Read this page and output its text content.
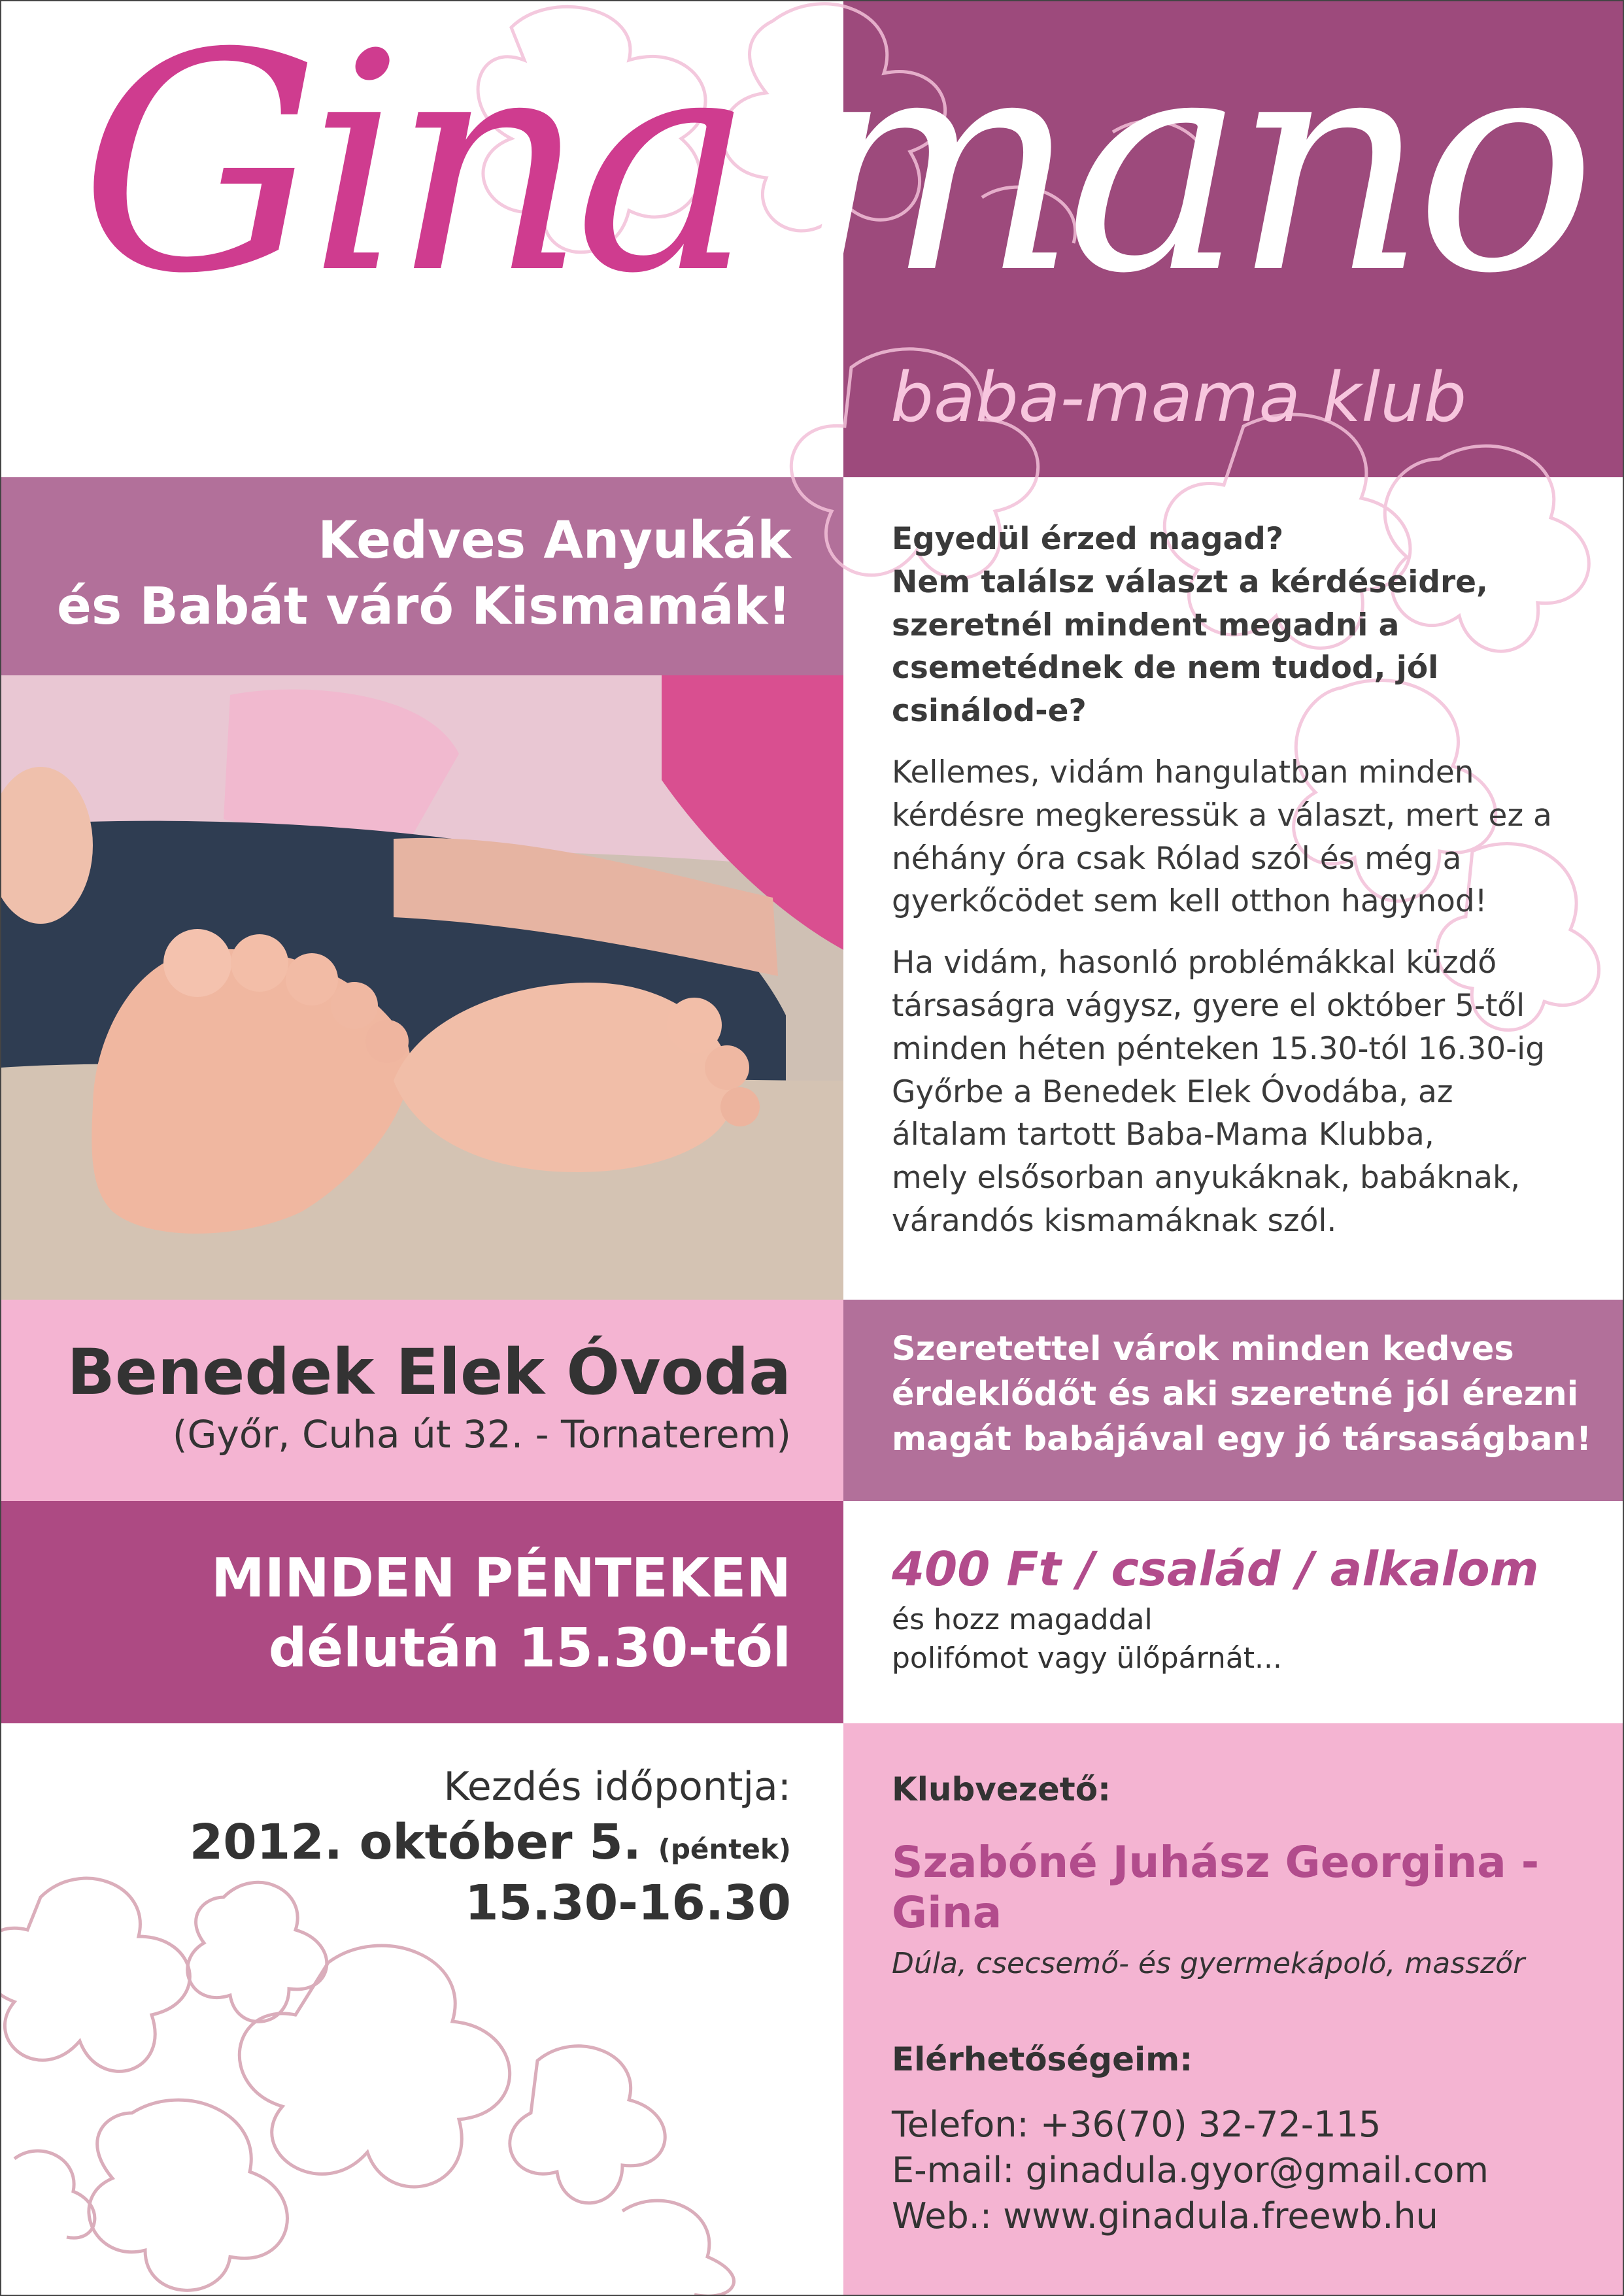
Gina mano
baba-mama klub
Kedves Anyukák
és Babát váró Kismamák!

Egyedül érzed magad?
Nem találsz választ a kérdéseidre,
szeretnél mindent megadni a
csemetédnek de nem tudod, jól
csinálod-e?

Kellemes, vidám hangulatban minden
kérdésre megkeressük a választ, mert ez a
néhány óra csak Rólad szól és még a
gyerkőcödet sem kell otthon hagynod!

Ha vidám, hasonló problémákkal küzdő
társaságra vágysz, gyere el október 5-től
minden héten pénteken 15.30-tól 16.30-ig
Győrbe a Benedek Elek Óvodába, az
általam tartott Baba-Mama Klubba,
mely elsősorban anyukáknak, babáknak,
várandós kismamáknak szól.

Benedek Elek Óvoda
(Győr, Cuha út 32. - Tornaterem)
Szeretettel várok minden kedves
érdeklődőt és aki szeretné jól érezni
magát babájával egy jó társaságban!
MINDEN PÉNTEKEN
délután 15.30-tól
400 Ft / család / alkalom
és hozz magaddal
polifómot vagy ülőpárnát...
Kezdés időpontja:
2012. október 5. (péntek)
15.30-16.30
Klubvezető:
Szabóné Juhász Georgina - Gina
Dúla, csecsemő- és gyermekápoló, masszőr
Elérhetőségeim:
Telefon: +36(70) 32-72-115
E-mail: ginadula.gyor@gmail.com
Web.: www.ginadula.freewb.hu
